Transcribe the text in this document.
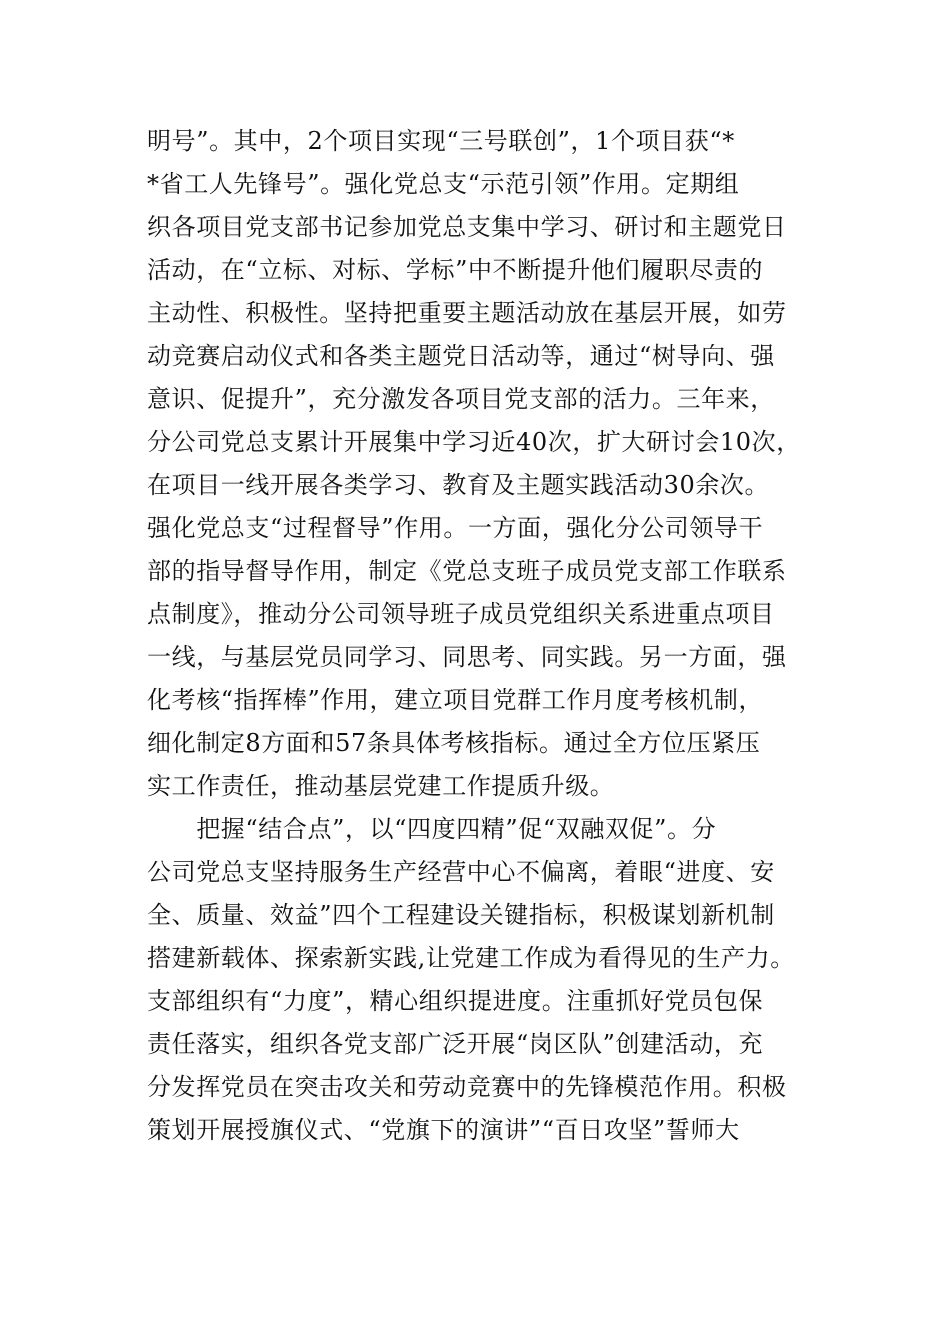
明号”。其中，2个项目实现“三号联创”，1个项目获“*
*省工人先锋号”。强化党总支“示范引领”作用。定期组
织各项目党支部书记参加党总支集中学习、研讨和主题党日
活动，在“立标、对标、学标”中不断提升他们履职尽责的
主动性、积极性。坚持把重要主题活动放在基层开展，如劳
动竞赛启动仪式和各类主题党日活动等，通过“树导向、强
意识、促提升”，充分激发各项目党支部的活力。三年来，
分公司党总支累计开展集中学习近40次，扩大研讨会10次，
在项目一线开展各类学习、教育及主题实践活动30余次。
强化党总支“过程督导”作用。一方面，强化分公司领导干
部的指导督导作用，制定《党总支班子成员党支部工作联系
点制度》，推动分公司领导班子成员党组织关系进重点项目
一线，与基层党员同学习、同思考、同实践。另一方面，强
化考核“指挥棒”作用，建立项目党群工作月度考核机制，
细化制定8方面和57条具体考核指标。通过全方位压紧压
实工作责任，推动基层党建工作提质升级。
　　把握“结合点”，以“四度四精”促“双融双促”。分
公司党总支坚持服务生产经营中心不偏离，着眼“进度、安
全、质量、效益”四个工程建设关键指标，积极谋划新机制
搭建新载体、探索新实践,让党建工作成为看得见的生产力。
支部组织有“力度”，精心组织提进度。注重抓好党员包保
责任落实，组织各党支部广泛开展“岗区队”创建活动，充
分发挥党员在突击攻关和劳动竞赛中的先锋模范作用。积极
策划开展授旗仪式、“党旗下的演讲”“百日攻坚”誓师大
